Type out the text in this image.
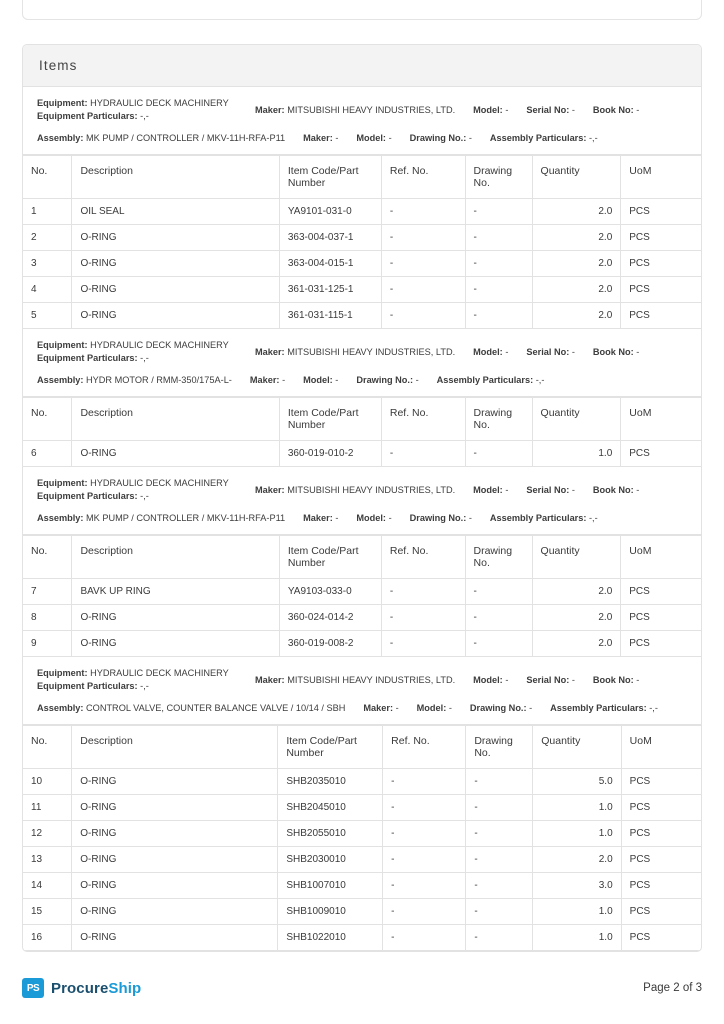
Items
Equipment: HYDRAULIC DECK MACHINERY
Equipment Particulars: -,-
Maker: MITSUBISHI HEAVY INDUSTRIES, LTD. Model: - Serial No: - Book No: -
Assembly: MK PUMP / CONTROLLER / MKV-11H-RFA-P11 Maker: - Model: - Drawing No.: - Assembly Particulars: -,-
No.	Description	Item Code/Part Number	Ref. No.	Drawing No.	Quantity	UoM
1	OIL SEAL	YA9101-031-0	-	-	2.0	PCS
2	O-RING	363-004-037-1	-	-	2.0	PCS
3	O-RING	363-004-015-1	-	-	2.0	PCS
4	O-RING	361-031-125-1	-	-	2.0	PCS
5	O-RING	361-031-115-1	-	-	2.0	PCS
Equipment: HYDRAULIC DECK MACHINERY
Equipment Particulars: -,-
Maker: MITSUBISHI HEAVY INDUSTRIES, LTD. Model: - Serial No: - Book No: -
Assembly: HYDR MOTOR / RMM-350/175A-L- Maker: - Model: - Drawing No.: - Assembly Particulars: -,-
No.	Description	Item Code/Part Number	Ref. No.	Drawing No.	Quantity	UoM
6	O-RING	360-019-010-2	-	-	1.0	PCS
Equipment: HYDRAULIC DECK MACHINERY
Equipment Particulars: -,-
Maker: MITSUBISHI HEAVY INDUSTRIES, LTD. Model: - Serial No: - Book No: -
Assembly: MK PUMP / CONTROLLER / MKV-11H-RFA-P11 Maker: - Model: - Drawing No.: - Assembly Particulars: -,-
No.	Description	Item Code/Part Number	Ref. No.	Drawing No.	Quantity	UoM
7	BAVK UP RING	YA9103-033-0	-	-	2.0	PCS
8	O-RING	360-024-014-2	-	-	2.0	PCS
9	O-RING	360-019-008-2	-	-	2.0	PCS
Equipment: HYDRAULIC DECK MACHINERY
Equipment Particulars: -,-
Maker: MITSUBISHI HEAVY INDUSTRIES, LTD. Model: - Serial No: - Book No: -
Assembly: CONTROL VALVE, COUNTER BALANCE VALVE / 10/14 / SBH Maker: - Model: - Drawing No.: - Assembly Particulars: -,-
No.	Description	Item Code/Part Number	Ref. No.	Drawing No.	Quantity	UoM
10	O-RING	SHB2035010	-	-	5.0	PCS
11	O-RING	SHB2045010	-	-	1.0	PCS
12	O-RING	SHB2055010	-	-	1.0	PCS
13	O-RING	SHB2030010	-	-	2.0	PCS
14	O-RING	SHB1007010	-	-	3.0	PCS
15	O-RING	SHB1009010	-	-	1.0	PCS
16	O-RING	SHB1022010	-	-	1.0	PCS
PS ProcureShip	Page 2 of 3
